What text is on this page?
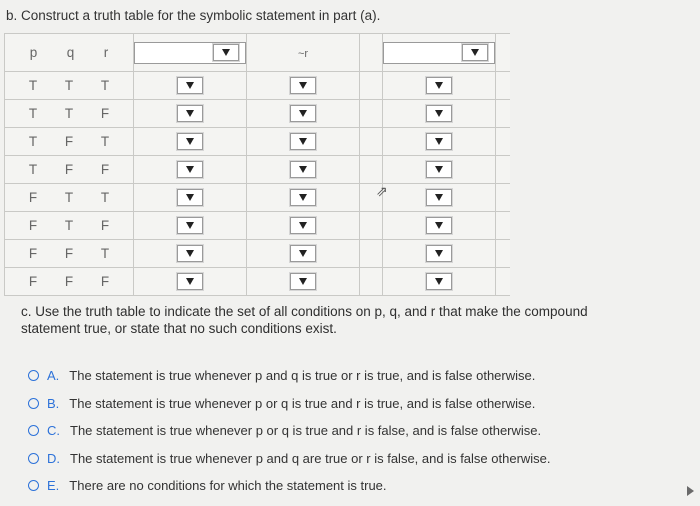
b. Construct a truth table for the symbolic statement in part (a).
p q r		~r		

T T T					

T T F					

T F T					

T F F					

F T T					

F T F					

F F T					

F F F					

⇗
c. Use the truth table to indicate the set of all conditions on p, q, and r that make the compound statement true, or state that no such conditions exist.
A. The statement is true whenever p and q is true or r is true, and is false otherwise.
B. The statement is true whenever p or q is true and r is true, and is false otherwise.
C. The statement is true whenever p or q is true and r is false, and is false otherwise.
D. The statement is true whenever p and q are true or r is false, and is false otherwise.
E. There are no conditions for which the statement is true.
